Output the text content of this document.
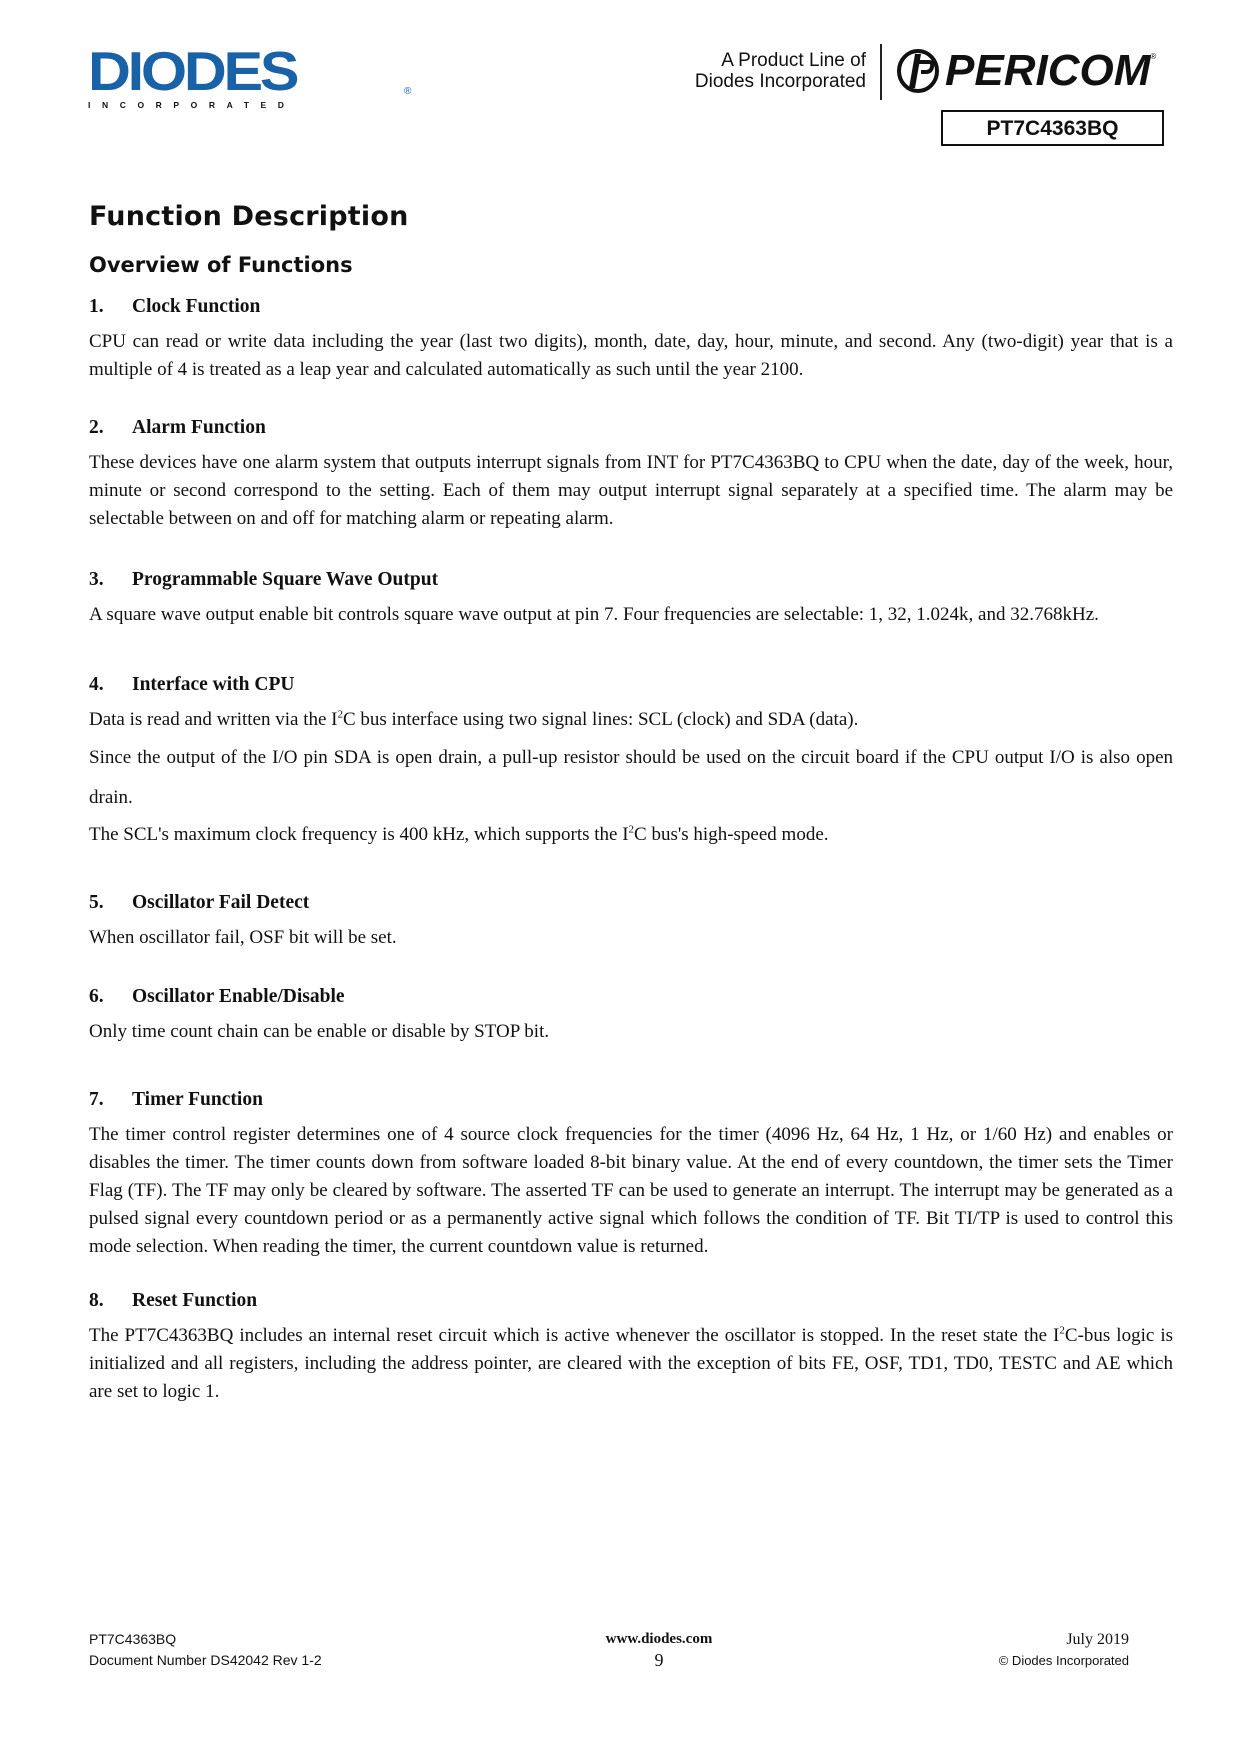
DIODES
INCORPORATED
®
A Product Line of
Diodes Incorporated PERICOM ®
PT7C4363BQ
Function Description
Overview of Functions
1.	Clock Function

CPU can read or write data including the year (last two digits), month, date, day, hour, minute, and second. Any (two-digit) year that is a multiple of 4 is treated as a leap year and calculated automatically as such until the year 2100.

2.	Alarm Function

These devices have one alarm system that outputs interrupt signals from INT for PT7C4363BQ to CPU when the date, day of the week, hour, minute or second correspond to the setting. Each of them may output interrupt signal separately at a specified time. The alarm may be selectable between on and off for matching alarm or repeating alarm.

3.	Programmable Square Wave Output

A square wave output enable bit controls square wave output at pin 7. Four frequencies are selectable: 1, 32, 1.024k, and 32.768kHz.

4.	Interface with CPU

Data is read and written via the $I^2C$ bus interface using two signal lines: SCL (clock) and SDA (data).

Since the output of the I/O pin SDA is open drain, a pull-up resistor should be used on the circuit board if the CPU output I/O is also open drain.

The SCL's maximum clock frequency is 400 kHz, which supports the $I^2C$ bus's high-speed mode.

5.	Oscillator Fail Detect

When oscillator fail, OSF bit will be set.

6.	Oscillator Enable/Disable

Only time count chain can be enable or disable by STOP bit.

7.	Timer Function

The timer control register determines one of 4 source clock frequencies for the timer (4096 Hz, 64 Hz, 1 Hz, or 1/60 Hz) and enables or disables the timer. The timer counts down from software loaded 8-bit binary value. At the end of every countdown, the timer sets the Timer Flag (TF). The TF may only be cleared by software. The asserted TF can be used to generate an interrupt. The interrupt may be generated as a pulsed signal every countdown period or as a permanently active signal which follows the condition of TF. Bit TI/TP is used to control this mode selection. When reading the timer, the current countdown value is returned.

8.	Reset Function

The PT7C4363BQ includes an internal reset circuit which is active whenever the oscillator is stopped. In the reset state the $I^2C$-bus logic is initialized and all registers, including the address pointer, are cleared with the exception of bits FE, OSF, TD1, TD0, TESTC and AE which are set to logic 1.

PT7C4363BQ
Document Number DS42042 Rev 1-2
www.diodes.com
9
July 2019
© Diodes Incorporated
